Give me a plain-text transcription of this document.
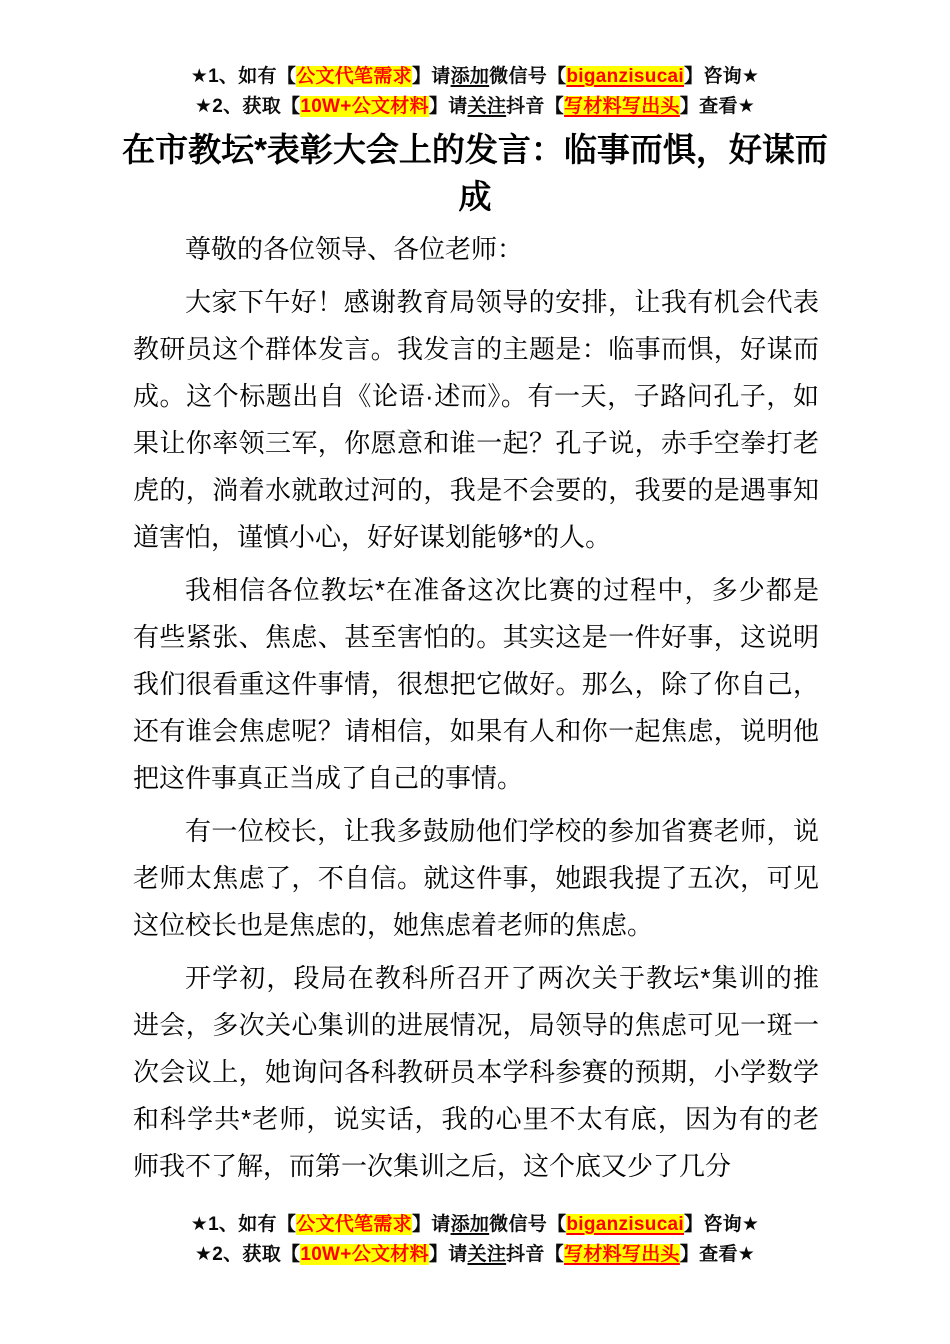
★1、如有【公文代笔需求】请添加微信号【biganzisucai】咨询★
★2、获取【10W+公文材料】请关注抖音【写材料写出头】查看★
在市教坛*表彰大会上的发言：临事而惧，好谋而成

尊敬的各位领导、各位老师：

大家下午好！感谢教育局领导的安排，让我有机会代表教研员这个群体发言。我发言的主题是：临事而惧，好谋而成。这个标题出自《论语·述而》。有一天，子路问孔子，如果让你率领三军，你愿意和谁一起？孔子说，赤手空拳打老虎的，淌着水就敢过河的，我是不会要的，我要的是遇事知道害怕，谨慎小心，好好谋划能够*的人。

我相信各位教坛*在准备这次比赛的过程中，多少都是有些紧张、焦虑、甚至害怕的。其实这是一件好事，这说明我们很看重这件事情，很想把它做好。那么，除了你自己，还有谁会焦虑呢？请相信，如果有人和你一起焦虑，说明他把这件事真正当成了自己的事情。

有一位校长，让我多鼓励他们学校的参加省赛老师，说老师太焦虑了，不自信。就这件事，她跟我提了五次，可见这位校长也是焦虑的，她焦虑着老师的焦虑。

开学初，段局在教科所召开了两次关于教坛*集训的推进会，多次关心集训的进展情况，局领导的焦虑可见一斑一次会议上，她询问各科教研员本学科参赛的预期，小学数学和科学共*老师，说实话，我的心里不太有底，因为有的老师我不了解，而第一次集训之后，这个底又少了几分

★1、如有【公文代笔需求】请添加微信号【biganzisucai】咨询★
★2、获取【10W+公文材料】请关注抖音【写材料写出头】查看★
